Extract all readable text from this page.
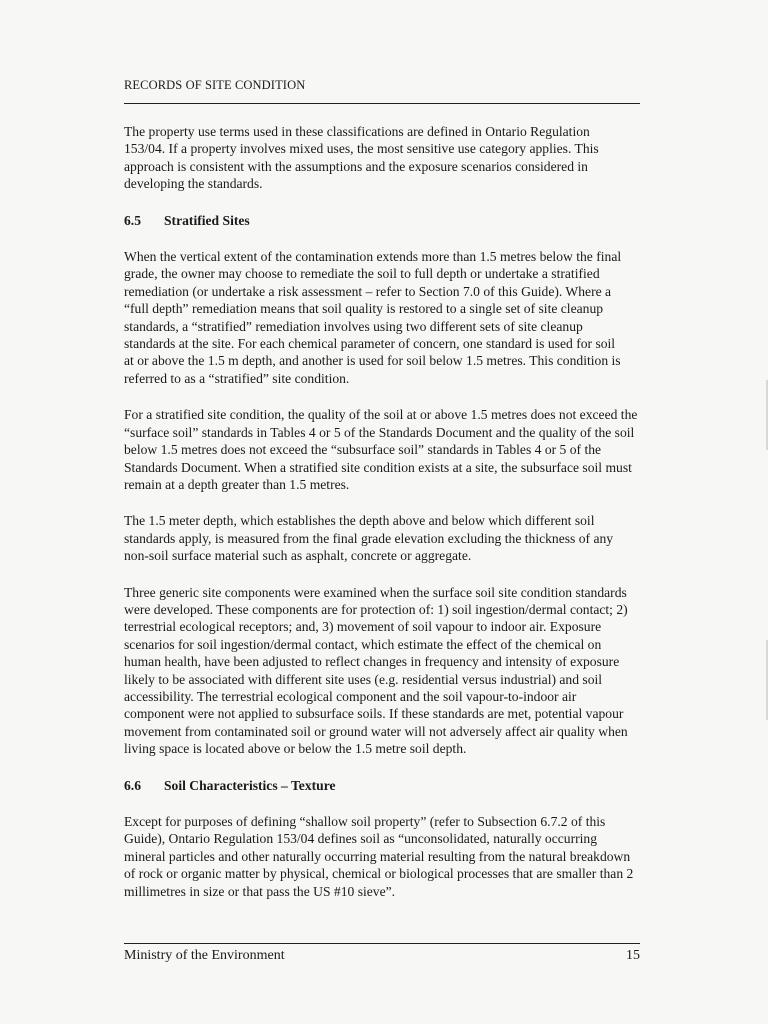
RECORDS OF SITE CONDITION

The property use terms used in these classifications are defined in Ontario Regulation 153/04. If a property involves mixed uses, the most sensitive use category applies. This approach is consistent with the assumptions and the exposure scenarios considered in developing the standards.

6.5 Stratified Sites

When the vertical extent of the contamination extends more than 1.5 metres below the final grade, the owner may choose to remediate the soil to full depth or undertake a stratified remediation (or undertake a risk assessment – refer to Section 7.0 of this Guide). Where a “full depth” remediation means that soil quality is restored to a single set of site cleanup standards, a “stratified” remediation involves using two different sets of site cleanup standards at the site. For each chemical parameter of concern, one standard is used for soil at or above the 1.5 m depth, and another is used for soil below 1.5 metres. This condition is referred to as a “stratified” site condition.

For a stratified site condition, the quality of the soil at or above 1.5 metres does not exceed the “surface soil” standards in Tables 4 or 5 of the Standards Document and the quality of the soil below 1.5 metres does not exceed the “subsurface soil” standards in Tables 4 or 5 of the Standards Document. When a stratified site condition exists at a site, the subsurface soil must remain at a depth greater than 1.5 metres.

The 1.5 meter depth, which establishes the depth above and below which different soil standards apply, is measured from the final grade elevation excluding the thickness of any non-soil surface material such as asphalt, concrete or aggregate.

Three generic site components were examined when the surface soil site condition standards were developed. These components are for protection of: 1) soil ingestion/dermal contact; 2) terrestrial ecological receptors; and, 3) movement of soil vapour to indoor air. Exposure scenarios for soil ingestion/dermal contact, which estimate the effect of the chemical on human health, have been adjusted to reflect changes in frequency and intensity of exposure likely to be associated with different site uses (e.g. residential versus industrial) and soil accessibility. The terrestrial ecological component and the soil vapour-to-indoor air component were not applied to subsurface soils. If these standards are met, potential vapour movement from contaminated soil or ground water will not adversely affect air quality when living space is located above or below the 1.5 metre soil depth.

6.6 Soil Characteristics – Texture

Except for purposes of defining “shallow soil property” (refer to Subsection 6.7.2 of this Guide), Ontario Regulation 153/04 defines soil as “unconsolidated, naturally occurring mineral particles and other naturally occurring material resulting from the natural breakdown of rock or organic matter by physical, chemical or biological processes that are smaller than 2 millimetres in size or that pass the US #10 sieve”.

Ministry of the Environment	15
